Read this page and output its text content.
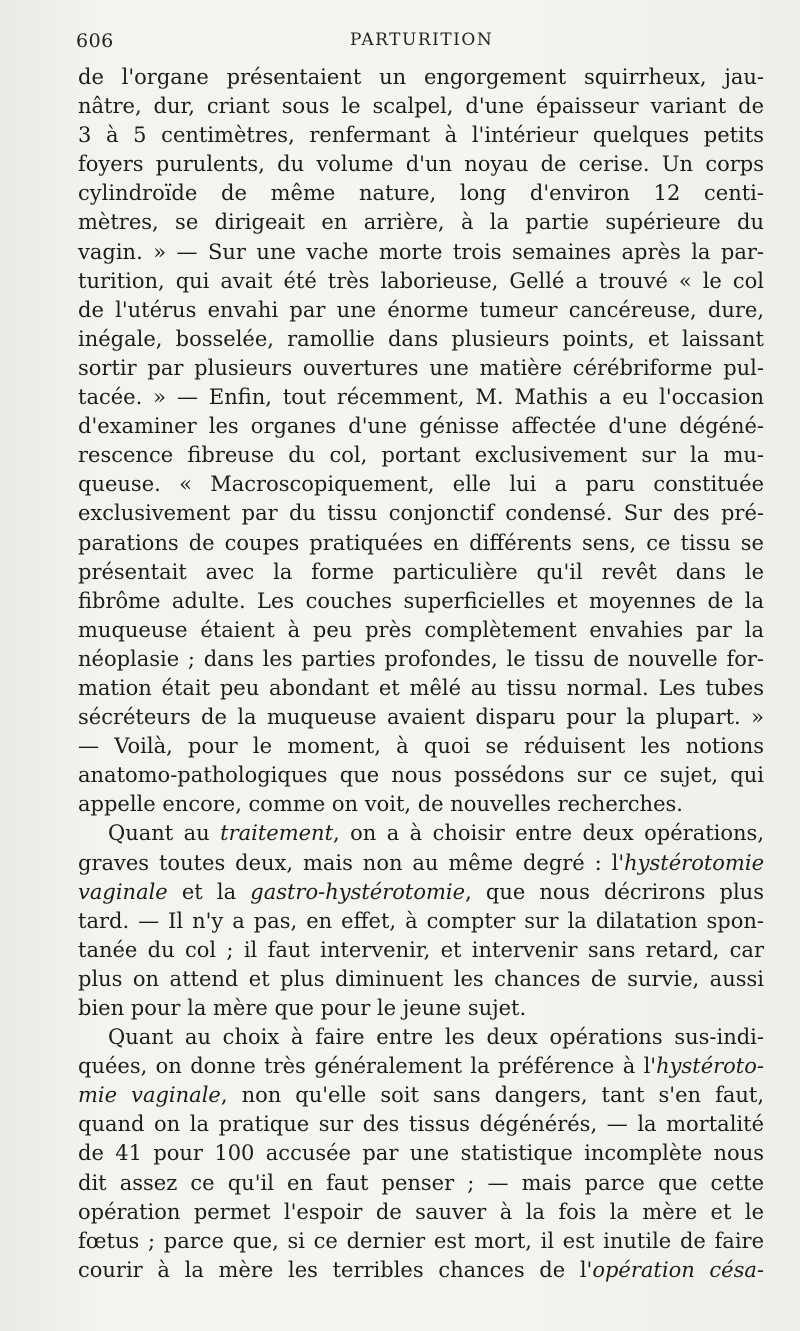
606	PARTURITION
de l'organe présentaient un engorgement squirrheux, jau-
nâtre, dur, criant sous le scalpel, d'une épaisseur variant de
3 à 5 centimètres, renfermant à l'intérieur quelques petits
foyers purulents, du volume d'un noyau de cerise. Un corps
cylindroïde de même nature, long d'environ 12 centi-
mètres, se dirigeait en arrière, à la partie supérieure du
vagin. » — Sur une vache morte trois semaines après la par-
turition, qui avait été très laborieuse, Gellé a trouvé « le col
de l'utérus envahi par une énorme tumeur cancéreuse, dure,
inégale, bosselée, ramollie dans plusieurs points, et laissant
sortir par plusieurs ouvertures une matière cérébriforme pul-
tacée. » — Enfin, tout récemment, M. Mathis a eu l'occasion
d'examiner les organes d'une génisse affectée d'une dégéné-
rescence fibreuse du col, portant exclusivement sur la mu-
queuse. « Macroscopiquement, elle lui a paru constituée
exclusivement par du tissu conjonctif condensé. Sur des pré-
parations de coupes pratiquées en différents sens, ce tissu se
présentait avec la forme particulière qu'il revêt dans le
fibrôme adulte. Les couches superficielles et moyennes de la
muqueuse étaient à peu près complètement envahies par la
néoplasie ; dans les parties profondes, le tissu de nouvelle for-
mation était peu abondant et mêlé au tissu normal. Les tubes
sécréteurs de la muqueuse avaient disparu pour la plupart. »
— Voilà, pour le moment, à quoi se réduisent les notions
anatomo-pathologiques que nous possédons sur ce sujet, qui
appelle encore, comme on voit, de nouvelles recherches.
Quant au traitement, on a à choisir entre deux opérations,
graves toutes deux, mais non au même degré : l'hystérotomie
vaginale et la gastro-hystérotomie, que nous décrirons plus
tard. — Il n'y a pas, en effet, à compter sur la dilatation spon-
tanée du col ; il faut intervenir, et intervenir sans retard, car
plus on attend et plus diminuent les chances de survie, aussi
bien pour la mère que pour le jeune sujet.
Quant au choix à faire entre les deux opérations sus-indi-
quées, on donne très généralement la préférence à l'hystéroto-
mie vaginale, non qu'elle soit sans dangers, tant s'en faut,
quand on la pratique sur des tissus dégénérés, — la mortalité
de 41 pour 100 accusée par une statistique incomplète nous
dit assez ce qu'il en faut penser ; — mais parce que cette
opération permet l'espoir de sauver à la fois la mère et le
fœtus ; parce que, si ce dernier est mort, il est inutile de faire
courir à la mère les terribles chances de l'opération césa-
